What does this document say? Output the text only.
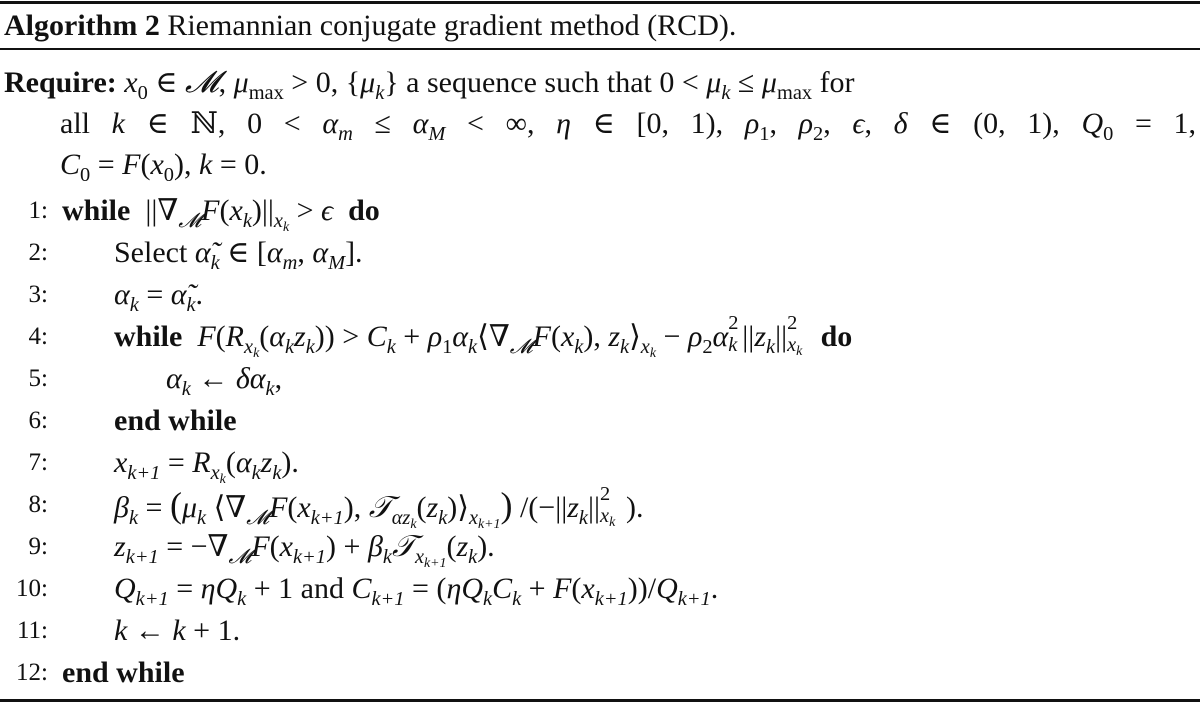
Algorithm 2 Riemannian conjugate gradient method (RCD).
Require: $x_0$ ∈ 𝓜, $\mu_{max} > 0$, $\{\mu_k\}$ a sequence such that $0 < \mu_k \le \mu_{max}$ for
all k ∈ ℕ, $0 < \alpha_m \le \alpha_M$ < ∞, η ∈ [0, 1), $\rho_1$, $\rho_2$, ϵ, δ ∈ (0, 1), $Q_0 = 1$,
$C_0 = F(x_0)$, k = 0.
1: while  $||\nabla_𝓜F(x_k)||_{x_k} > \epsilon$ do
2: Select $\alphã_k$ ∈ [$\alpha_m$, $\alpha_M$].
3: $\alpha_k$ = $\alphã_k$.
4: while $F(R_{x_k}(\alpha_kz_k)) > C_k$ + $\rho_1\alpha_k⟨\nabla_𝓜F(x_k)$, $z_k⟩_{x_k} - \rho_2\alpha$ 2
k $||z_k||$ 2
$x_k$ do
5:	$\alpha_k$ ← $\delta\alpha_k$,
6: end while
7: $x_{k+1} = R_{x_k}(\alpha_kz_k)$.
8: $\beta_k = (\mu_k$ $⟨\nabla_𝓜F(x_{k+1})$, $𝒯_{\alpha z_k}(z_k)⟩_{x_{k+1}}$) $/(-||z_k||$ 2
$x_k$ ).
9: $z_{k+1} = -\nabla_𝓜F(x_{k+1})$ + $\beta_k𝒯_{x_{k+1}}(z_k)$.
10: $Q_{k+1} = \eta Q_k + 1$ and $C_{k+1} = (\eta Q_kC_k + F(x_{k+1}))/Q_{k+1}$.
11: k ← k + 1.
12: end while
